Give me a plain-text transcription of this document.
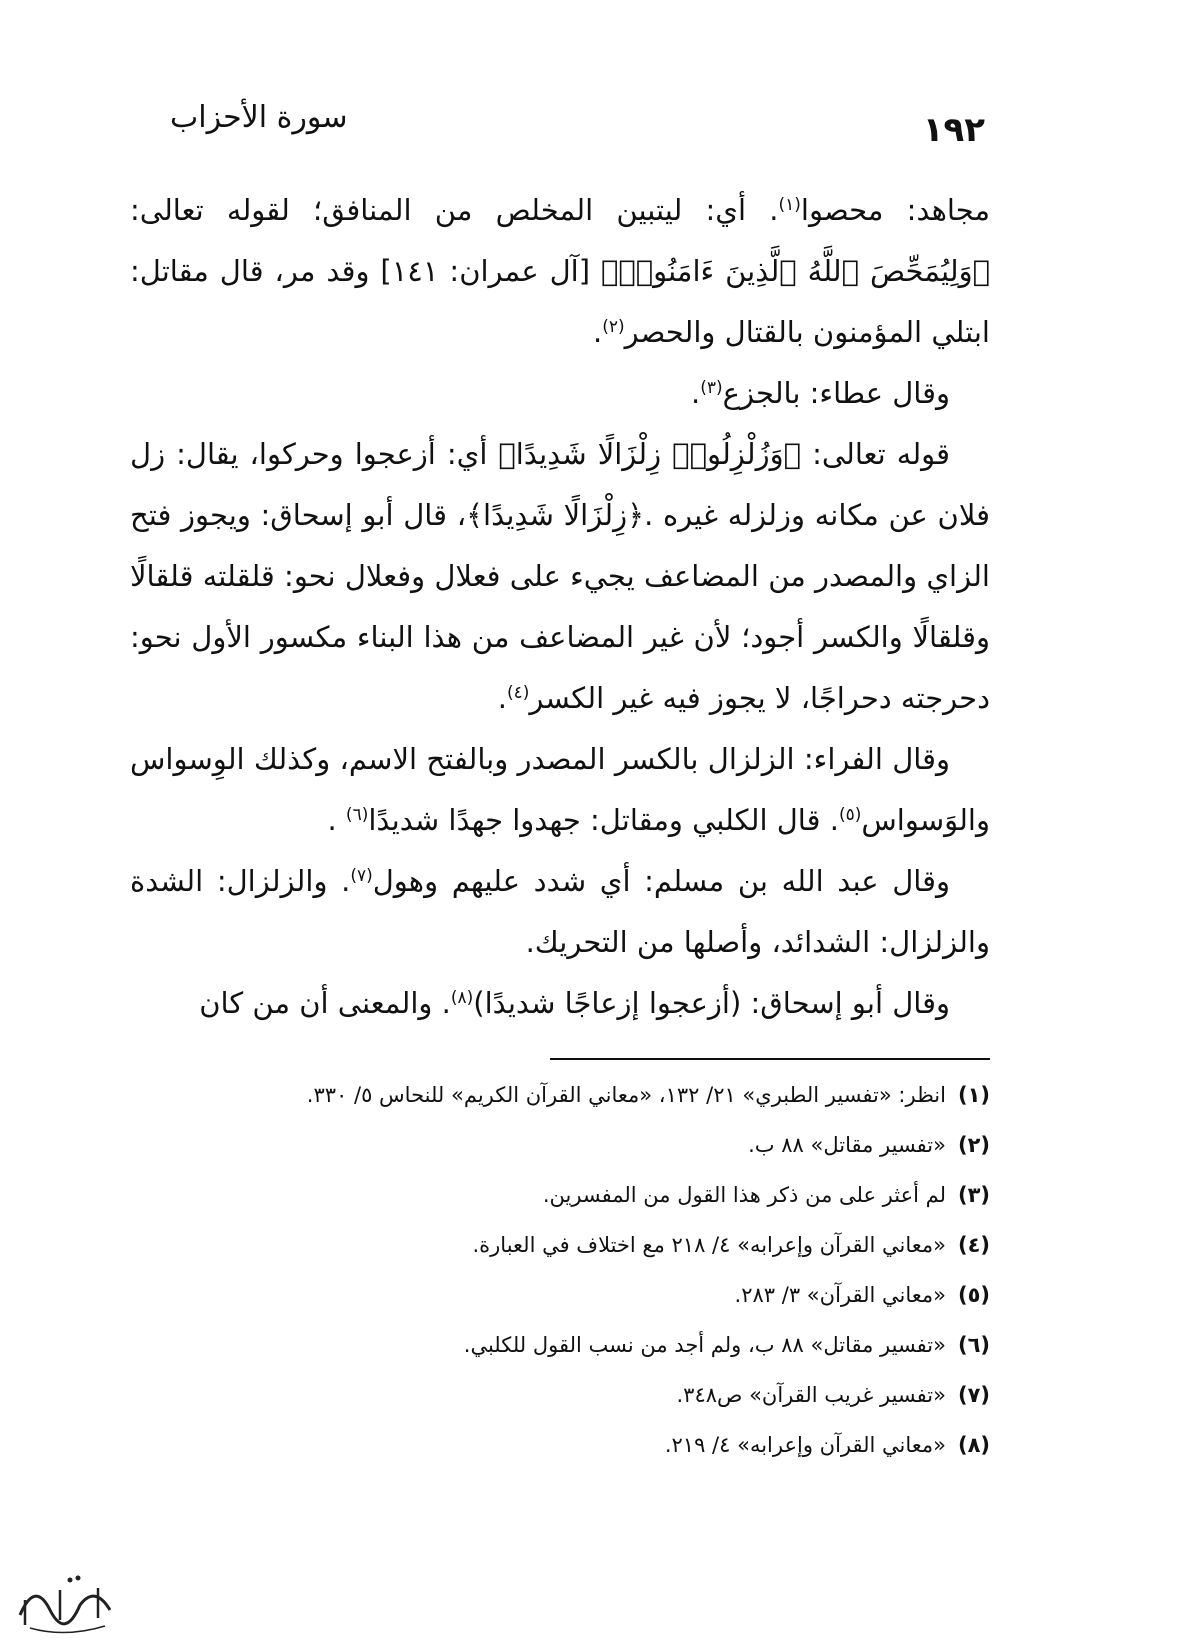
١٩٢
سورة الأحزاب

مجاهد: محصوا$^{(١)}$. أي: ليتبين المخلص من المنافق؛ لقوله تعالى: ﴿وَلِيُمَحِّصَ ٱللَّهُ ٱلَّذِينَ ءَامَنُوا۟﴾ [آل عمران: ١٤١] وقد مر، قال مقاتل: ابتلي المؤمنون بالقتال والحصر$^{(٢)}$.

وقال عطاء: بالجزع$^{(٣)}$.

قوله تعالى: ﴿وَزُلْزِلُوا۟ زِلْزَالًا شَدِيدًا﴾ أي: أزعجوا وحركوا، يقال: زل فلان عن مكانه وزلزله غيره .﴿زِلْزَالًا شَدِيدًا﴾، قال أبو إسحاق: ويجوز فتح الزاي والمصدر من المضاعف يجيء على فعلال وفعلال نحو: قلقلته قلقالًا وقلقالًا والكسر أجود؛ لأن غير المضاعف من هذا البناء مكسور الأول نحو: دحرجته دحراجًا، لا يجوز فيه غير الكسر$^{(٤)}$.

وقال الفراء: الزلزال بالكسر المصدر وبالفتح الاسم، وكذلك الوِسواس والوَسواس$^{(٥)}$. قال الكلبي ومقاتل: جهدوا جهدًا شديدًا$^{(٦)}$ .

وقال عبد الله بن مسلم: أي شدد عليهم وهول$^{(٧)}$. والزلزال: الشدة والزلزال: الشدائد، وأصلها من التحريك.

وقال أبو إسحاق: (أزعجوا إزعاجًا شديدًا)$^{(٨)}$. والمعنى أن من كان

(١)انظر: «تفسير الطبري» ٢١/ ١٣٢، «معاني القرآن الكريم» للنحاس ٥/ ٣٣٠.

(٢)«تفسير مقاتل» ٨٨ ب.

(٣)لم أعثر على من ذكر هذا القول من المفسرين.

(٤)«معاني القرآن وإعرابه» ٤/ ٢١٨ مع اختلاف في العبارة.

(٥)«معاني القرآن» ٣/ ٢٨٣.

(٦)«تفسير مقاتل» ٨٨ ب، ولم أجد من نسب القول للكلبي.

(٧)«تفسير غريب القرآن» ص٣٤٨.

(٨)«معاني القرآن وإعرابه» ٤/ ٢١٩.
